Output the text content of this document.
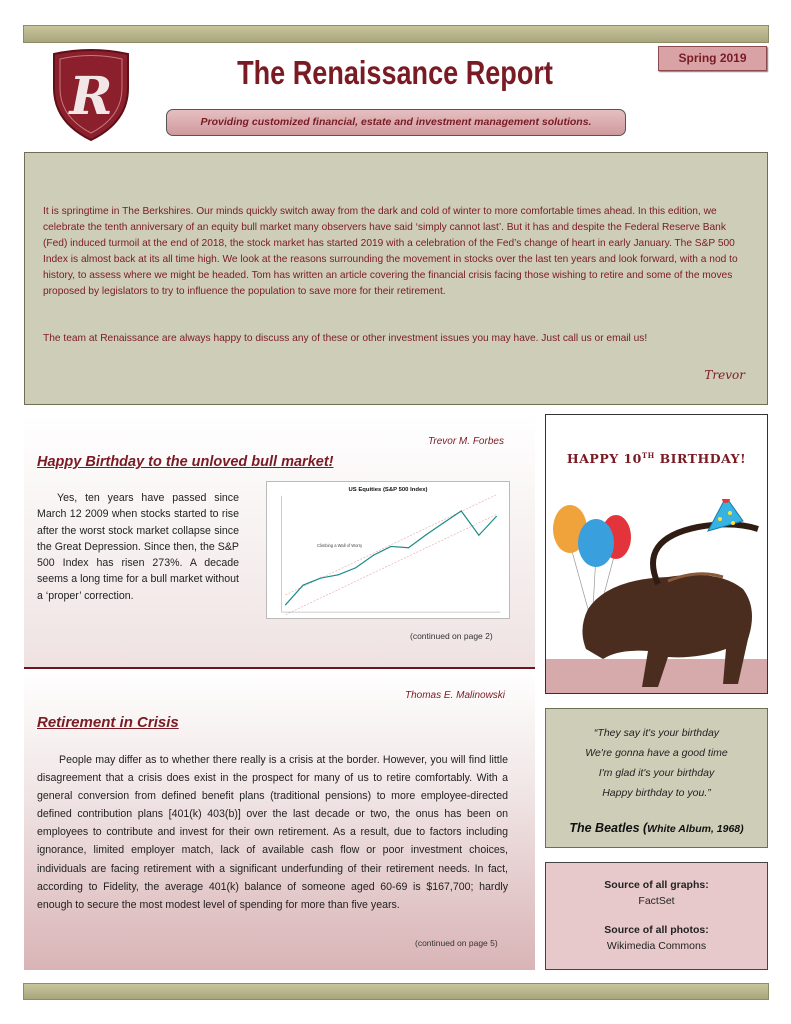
R	The Renaissance Report	Spring 2019
Providing customized financial, estate and investment management solutions.

It is springtime in The Berkshires. Our minds quickly switch away from the dark and cold of winter to more comfortable times ahead. In this edition, we celebrate the tenth anniversary of an equity bull market many observers have said ‘simply cannot last’. But it has and despite the Federal Reserve Bank (Fed) induced turmoil at the end of 2018, the stock market has started 2019 with a celebration of the Fed’s change of heart in early January. The S&P 500 Index is almost back at its all time high. We look at the reasons surrounding the movement in stocks over the last ten years and look forward, with a nod to history, to assess where we might be headed. Tom has written an article covering the financial crisis facing those wishing to retire and some of the moves proposed by legislators to try to influence the population to save more for their retirement.

The team at Renaissance are always happy to discuss any of these or other investment issues you may have. Just call us or email us!

Trevor
Trevor M. Forbes
Happy Birthday to the unloved bull market!
Yes, ten years have passed since March 12 2009 when stocks started to rise after the worst stock market collapse since the Great Depression. Since then, the S&P 500 Index has risen 273%. A decade seems a long time for a bull market without a ‘proper’ correction.
US Equities (S&P 500 Index)
Climbing a Wall of Worry
(continued on page 2)
Thomas E. Malinowski
Retirement in Crisis
People may differ as to whether there really is a crisis at the border. However, you will find little disagreement that a crisis does exist in the prospect for many of us to retire comfortably. With a general conversion from defined benefit plans (traditional pensions) to more employee-directed defined contribution plans [401(k) 403(b)] over the last decade or two, the onus has been on employees to contribute and invest for their own retirement. As a result, due to factors including ignorance, limited employer match, lack of available cash flow or poor investment choices, individuals are facing retirement with a significant underfunding of their retirement needs. In fact, according to Fidelity, the average 401(k) balance of someone aged 60-69 is $167,700; hardly enough to secure the most modest level of spending for more than five years.
(continued on page 5)
HAPPY 10TH BIRTHDAY!
“They say it's your birthday
We're gonna have a good time
I'm glad it's your birthday
Happy birthday to you.”
The Beatles (White Album, 1968)
Source of all graphs:
FactSet
Source of all photos:
Wikimedia Commons
